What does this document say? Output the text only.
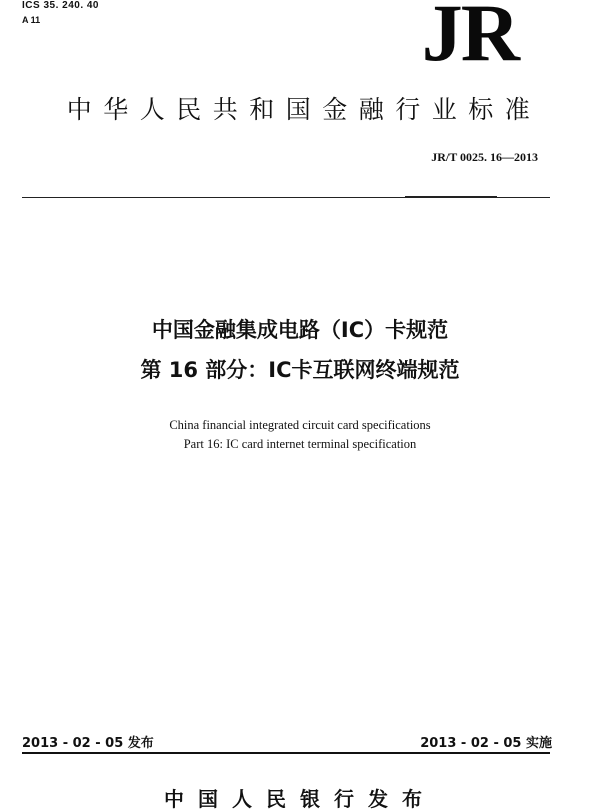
ICS 35. 240. 40
A 11	JR
中华人民共和国金融行业标准
JR/T 0025. 16—2013
中国金融集成电路（IC）卡规范
第 16 部分：IC卡互联网终端规范
China financial integrated circuit card specifications
Part 16: IC card internet terminal specification
2013 - 02 - 05 发布	2013 - 02 - 05 实施
中国人民银行发布
